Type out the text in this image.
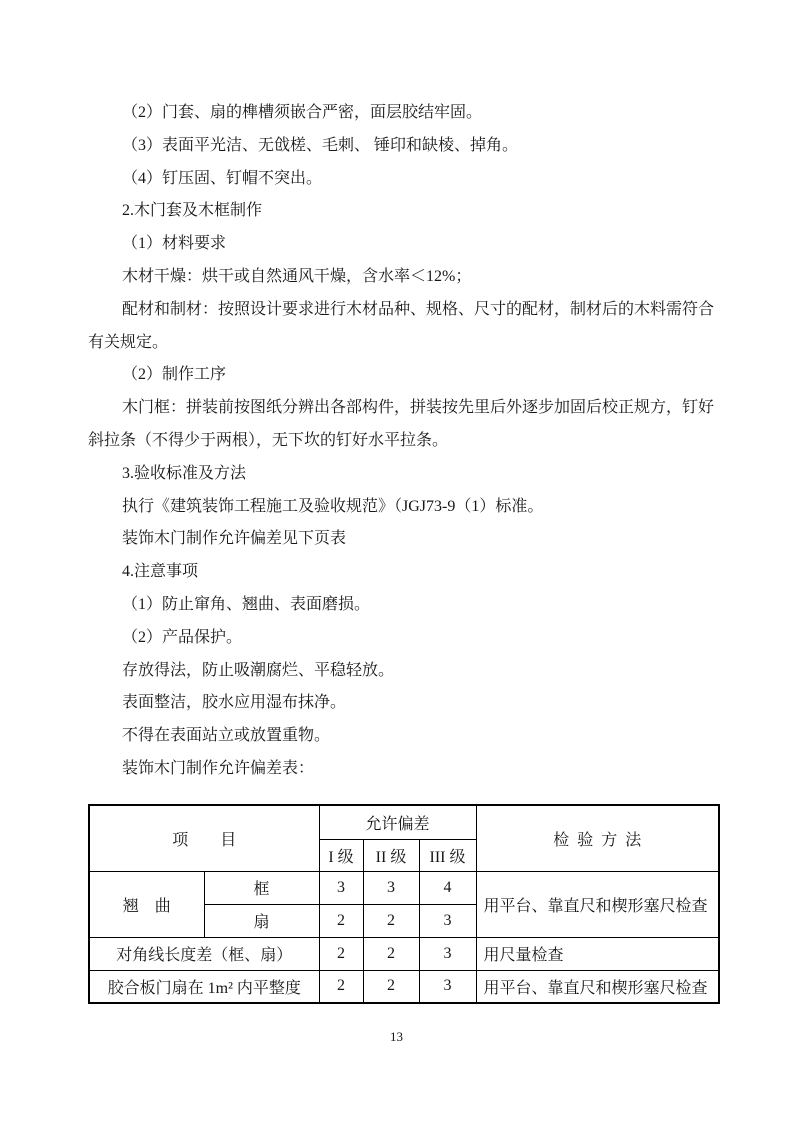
（2）门套、扇的榫槽须嵌合严密，面层胶结牢固。
（3）表面平光洁、无戗槎、毛刺、 锤印和缺棱、掉角。
（4）钉压固、钉帽不突出。
2.木门套及木框制作
（1）材料要求
木材干燥：烘干或自然通风干燥，含水率＜12%；
配材和制材：按照设计要求进行木材品种、规格、尺寸的配材，制材后的木料需符合
有关规定。
（2）制作工序
木门框：拼装前按图纸分辨出各部构件，拼装按先里后外逐步加固后校正规方，钉好
斜拉条（不得少于两根），无下坎的钉好水平拉条。
3.验收标准及方法
执行《建筑装饰工程施工及验收规范》（JGJ73-9（1）标准。
装饰木门制作允许偏差见下页表
4.注意事项
（1）防止窜角、翘曲、表面磨损。
（2）产品保护。
存放得法，防止吸潮腐烂、平稳轻放。
表面整洁，胶水应用湿布抹净。
不得在表面站立或放置重物。
装饰木门制作允许偏差表：
项　　目		允许偏差			检 验 方 法
		I 级	II 级	III 级	
翘　曲	框	3	3	4	用平台、靠直尺和楔形塞尺检查
	扇	2	2	3	
对角线长度差（框、扇）		2	2	3	用尺量检查
胶合板门扇在 1m² 内平整度		2	2	3	用平台、靠直尺和楔形塞尺检查
13
